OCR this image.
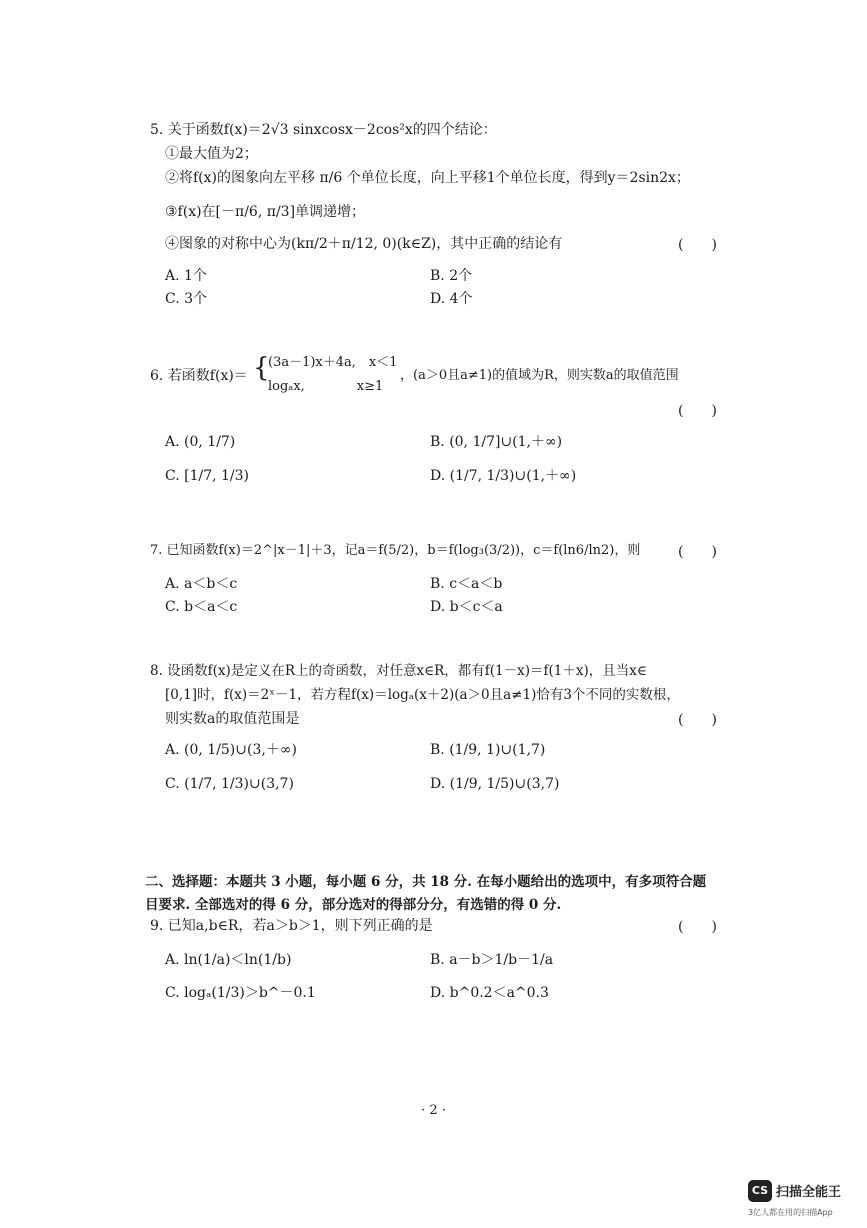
5. 关于函数f(x)＝2√3 sinxcosx－2cos²x的四个结论：
①最大值为2；
②将f(x)的图象向左平移 π/6 个单位长度，向上平移1个单位长度，得到y＝2sin2x；
③f(x)在[－π/6, π/3]单调递增；
④图象的对称中心为(kπ/2＋π/12, 0)(k∈Z)，其中正确的结论有	(　　)
A. 1个	B. 2个
C. 3个	D. 4个
6. 若函数f(x)＝ {
(3a－1)x＋4a,　x＜1
logₐx,　　　　x≥1
，(a＞0且a≠1)的值域为R，则实数a的取值范围
(　　)
A. (0, 1/7)	B. (0, 1/7]∪(1,＋∞)
C. [1/7, 1/3)	D. (1/7, 1/3)∪(1,＋∞)
7. 已知函数f(x)＝2^|x－1|＋3，记a＝f(5/2)，b＝f(log₃(3/2))，c＝f(ln6/ln2)，则	(　　)
A. a＜b＜c	B. c＜a＜b
C. b＜a＜c	D. b＜c＜a
8. 设函数f(x)是定义在R上的奇函数，对任意x∈R，都有f(1－x)＝f(1＋x)，且当x∈
[0,1]时，f(x)＝2ˣ－1，若方程f(x)＝logₐ(x＋2)(a＞0且a≠1)恰有3个不同的实数根，
则实数a的取值范围是	(　　)
A. (0, 1/5)∪(3,＋∞)	B. (1/9, 1)∪(1,7)
C. (1/7, 1/3)∪(3,7)	D. (1/9, 1/5)∪(3,7)
二、选择题：本题共 3 小题，每小题 6 分，共 18 分. 在每小题给出的选项中，有多项符合题
目要求. 全部选对的得 6 分，部分选对的得部分分，有选错的得 0 分.
9. 已知a,b∈R，若a＞b＞1，则下列正确的是	(　　)
A. ln(1/a)＜ln(1/b)	B. a－b＞1/b－1/a
C. logₐ(1/3)＞b^－0.1	D. b^0.2＜a^0.3
· 2 ·
CS 扫描全能王
3亿人都在用的扫描App
